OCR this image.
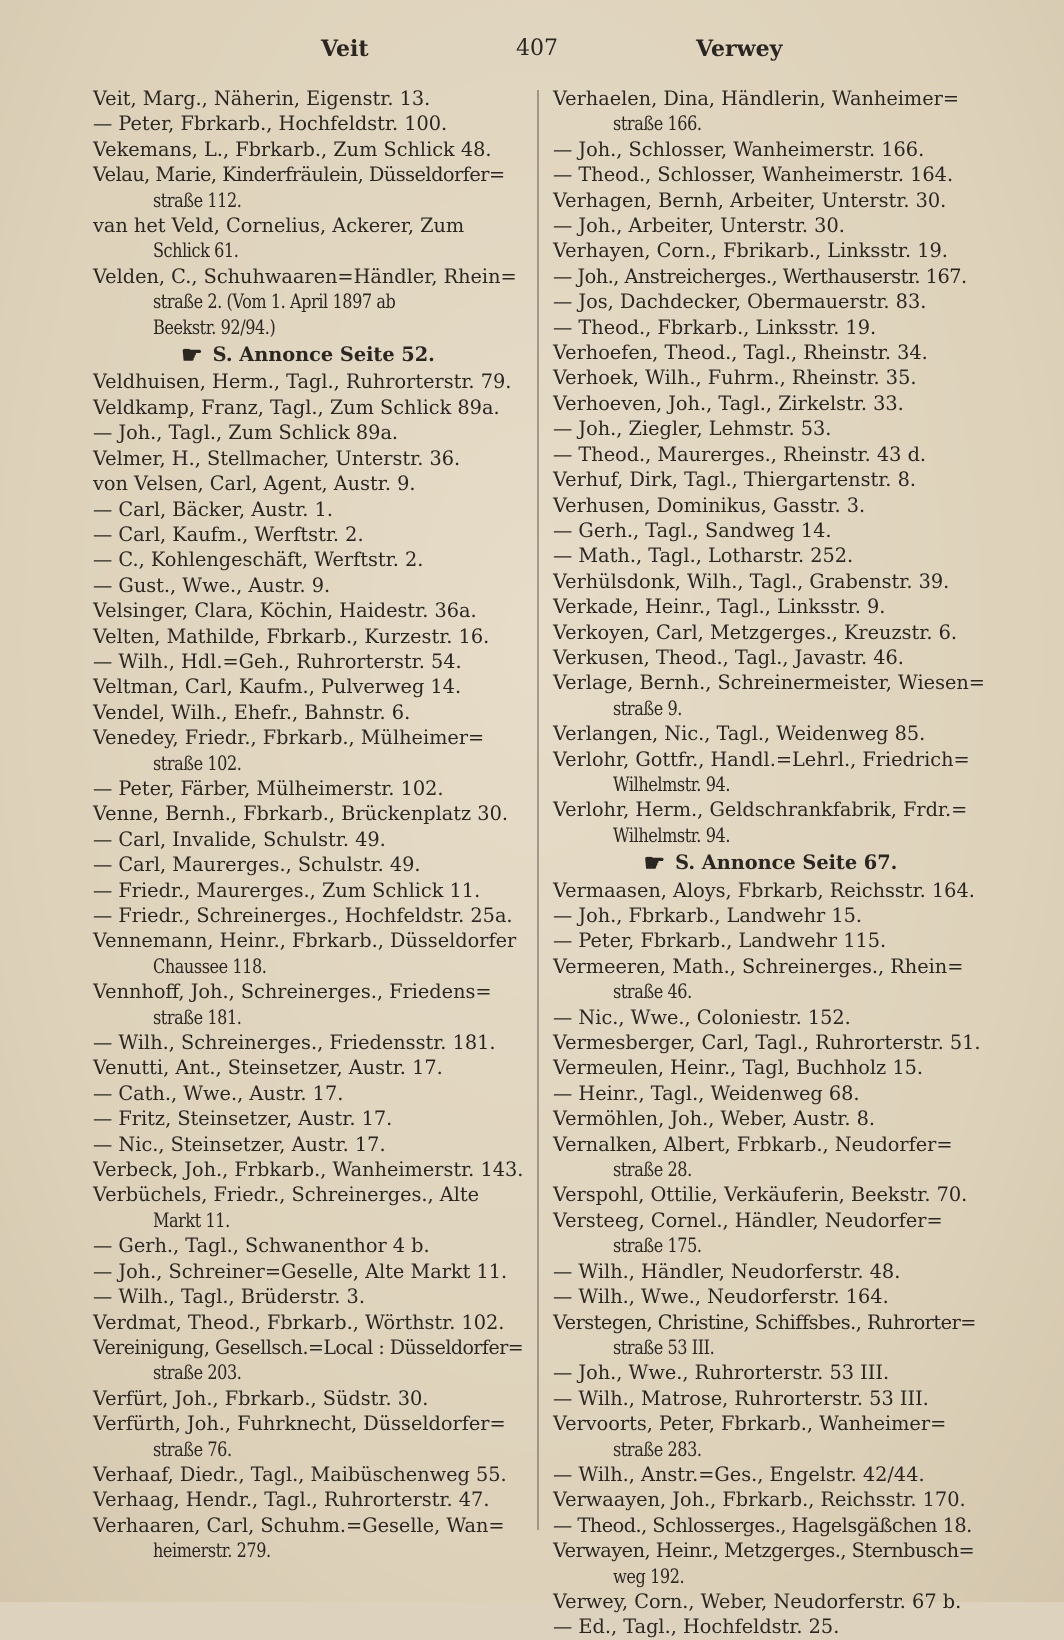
Veit	407	Verwey
Veit, Marg., Näherin, Eigenstr. 13.
— Peter, Fbrkarb., Hochfeldstr. 100.
Vekemans, L., Fbrkarb., Zum Schlick 48.
Velau, Marie, Kinderfräulein, Düsseldorfer=
straße 112.
van het Veld, Cornelius, Ackerer, Zum
Schlick 61.
Velden, C., Schuhwaaren=Händler, Rhein=
straße 2. (Vom 1. April 1897 ab
Beekstr. 92/94.)
☛ S. Annonce Seite 52.
Veldhuisen, Herm., Tagl., Ruhrorterstr. 79.
Veldkamp, Franz, Tagl., Zum Schlick 89a.
— Joh., Tagl., Zum Schlick 89a.
Velmer, H., Stellmacher, Unterstr. 36.
von Velsen, Carl, Agent, Austr. 9.
— Carl, Bäcker, Austr. 1.
— Carl, Kaufm., Werftstr. 2.
— C., Kohlengeschäft, Werftstr. 2.
— Gust., Wwe., Austr. 9.
Velsinger, Clara, Köchin, Haidestr. 36a.
Velten, Mathilde, Fbrkarb., Kurzestr. 16.
— Wilh., Hdl.=Geh., Ruhrorterstr. 54.
Veltman, Carl, Kaufm., Pulverweg 14.
Vendel, Wilh., Ehefr., Bahnstr. 6.
Venedey, Friedr., Fbrkarb., Mülheimer=
straße 102.
— Peter, Färber, Mülheimerstr. 102.
Venne, Bernh., Fbrkarb., Brückenplatz 30.
— Carl, Invalide, Schulstr. 49.
— Carl, Maurerges., Schulstr. 49.
— Friedr., Maurerges., Zum Schlick 11.
— Friedr., Schreinerges., Hochfeldstr. 25a.
Vennemann, Heinr., Fbrkarb., Düsseldorfer
Chaussee 118.
Vennhoff, Joh., Schreinerges., Friedens=
straße 181.
— Wilh., Schreinerges., Friedensstr. 181.
Venutti, Ant., Steinsetzer, Austr. 17.
— Cath., Wwe., Austr. 17.
— Fritz, Steinsetzer, Austr. 17.
— Nic., Steinsetzer, Austr. 17.
Verbeck, Joh., Frbkarb., Wanheimerstr. 143.
Verbüchels, Friedr., Schreinerges., Alte
Markt 11.
— Gerh., Tagl., Schwanenthor 4 b.
— Joh., Schreiner=Geselle, Alte Markt 11.
— Wilh., Tagl., Brüderstr. 3.
Verdmat, Theod., Fbrkarb., Wörthstr. 102.
Vereinigung, Gesellsch.=Local : Düsseldorfer=
straße 203.
Verfürt, Joh., Fbrkarb., Südstr. 30.
Verfürth, Joh., Fuhrknecht, Düsseldorfer=
straße 76.
Verhaaf, Diedr., Tagl., Maibüschenweg 55.
Verhaag, Hendr., Tagl., Ruhrorterstr. 47.
Verhaaren, Carl, Schuhm.=Geselle, Wan=
heimerstr. 279.
Verhaelen, Dina, Händlerin, Wanheimer=
straße 166.
— Joh., Schlosser, Wanheimerstr. 166.
— Theod., Schlosser, Wanheimerstr. 164.
Verhagen, Bernh, Arbeiter, Unterstr. 30.
— Joh., Arbeiter, Unterstr. 30.
Verhayen, Corn., Fbrikarb., Linksstr. 19.
— Joh., Anstreicherges., Werthauserstr. 167.
— Jos, Dachdecker, Obermauerstr. 83.
— Theod., Fbrkarb., Linksstr. 19.
Verhoefen, Theod., Tagl., Rheinstr. 34.
Verhoek, Wilh., Fuhrm., Rheinstr. 35.
Verhoeven, Joh., Tagl., Zirkelstr. 33.
— Joh., Ziegler, Lehmstr. 53.
— Theod., Maurerges., Rheinstr. 43 d.
Verhuf, Dirk, Tagl., Thiergartenstr. 8.
Verhusen, Dominikus, Gasstr. 3.
— Gerh., Tagl., Sandweg 14.
— Math., Tagl., Lotharstr. 252.
Verhülsdonk, Wilh., Tagl., Grabenstr. 39.
Verkade, Heinr., Tagl., Linksstr. 9.
Verkoyen, Carl, Metzgerges., Kreuzstr. 6.
Verkusen, Theod., Tagl., Javastr. 46.
Verlage, Bernh., Schreinermeister, Wiesen=
straße 9.
Verlangen, Nic., Tagl., Weidenweg 85.
Verlohr, Gottfr., Handl.=Lehrl., Friedrich=
Wilhelmstr. 94.
Verlohr, Herm., Geldschrankfabrik, Frdr.=
Wilhelmstr. 94.
☛ S. Annonce Seite 67.
Vermaasen, Aloys, Fbrkarb, Reichsstr. 164.
— Joh., Fbrkarb., Landwehr 15.
— Peter, Fbrkarb., Landwehr 115.
Vermeeren, Math., Schreinerges., Rhein=
straße 46.
— Nic., Wwe., Coloniestr. 152.
Vermesberger, Carl, Tagl., Ruhrorterstr. 51.
Vermeulen, Heinr., Tagl, Buchholz 15.
— Heinr., Tagl., Weidenweg 68.
Vermöhlen, Joh., Weber, Austr. 8.
Vernalken, Albert, Frbkarb., Neudorfer=
straße 28.
Verspohl, Ottilie, Verkäuferin, Beekstr. 70.
Versteeg, Cornel., Händler, Neudorfer=
straße 175.
— Wilh., Händler, Neudorferstr. 48.
— Wilh., Wwe., Neudorferstr. 164.
Verstegen, Christine, Schiffsbes., Ruhrorter=
straße 53 III.
— Joh., Wwe., Ruhrorterstr. 53 III.
— Wilh., Matrose, Ruhrorterstr. 53 III.
Vervoorts, Peter, Fbrkarb., Wanheimer=
straße 283.
— Wilh., Anstr.=Ges., Engelstr. 42/44.
Verwaayen, Joh., Fbrkarb., Reichsstr. 170.
— Theod., Schlosserges., Hagelsgäßchen 18.
Verwayen, Heinr., Metzgerges., Sternbusch=
weg 192.
Verwey, Corn., Weber, Neudorferstr. 67 b.
— Ed., Tagl., Hochfeldstr. 25.
